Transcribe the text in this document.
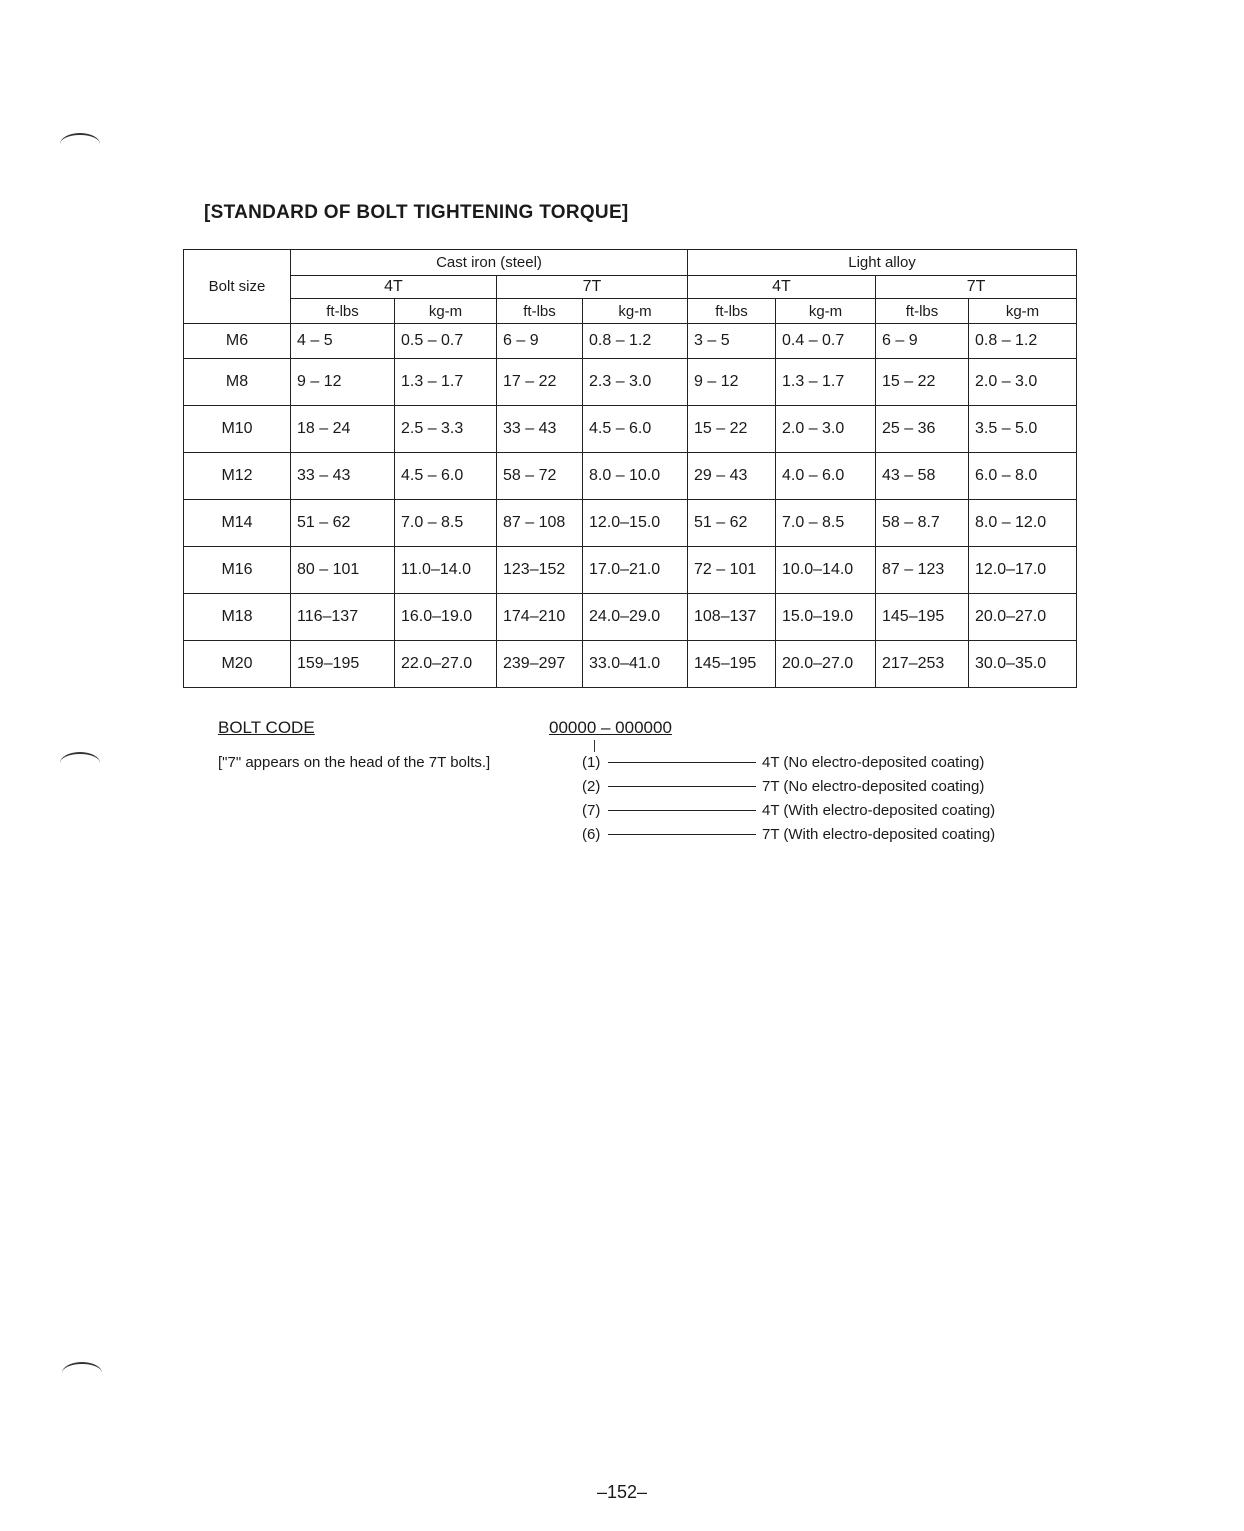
[STANDARD OF BOLT TIGHTENING TORQUE]
Bolt size	Cast iron (steel)				Light alloy			
	4T		7T		4T		7T	
	ft-lbs	kg-m	ft-lbs	kg-m	ft-lbs	kg-m	ft-lbs	kg-m
M6	4 – 5	0.5 – 0.7	6 – 9	0.8 – 1.2	3 – 5	0.4 – 0.7	6 – 9	0.8 – 1.2
M8	9 – 12	1.3 – 1.7	17 – 22	2.3 – 3.0	9 – 12	1.3 – 1.7	15 – 22	2.0 – 3.0
M10	18 – 24	2.5 – 3.3	33 – 43	4.5 – 6.0	15 – 22	2.0 – 3.0	25 – 36	3.5 – 5.0
M12	33 – 43	4.5 – 6.0	58 – 72	8.0 – 10.0	29 – 43	4.0 – 6.0	43 – 58	6.0 – 8.0
M14	51 – 62	7.0 – 8.5	87 – 108	12.0–15.0	51 – 62	7.0 – 8.5	58 – 8.7	8.0 – 12.0
M16	80 – 101	11.0–14.0	123–152	17.0–21.0	72 – 101	10.0–14.0	87 – 123	12.0–17.0
M18	116–137	16.0–19.0	174–210	24.0–29.0	108–137	15.0–19.0	145–195	20.0–27.0
M20	159–195	22.0–27.0	239–297	33.0–41.0	145–195	20.0–27.0	217–253	30.0–35.0
BOLT CODE
["7" appears on the head of the 7T bolts.]
00000 – 000000
(1)	4T (No electro-deposited coating)
(2)	7T (No electro-deposited coating)
(7)	4T (With electro-deposited coating)
(6)	7T (With electro-deposited coating)
–152–
